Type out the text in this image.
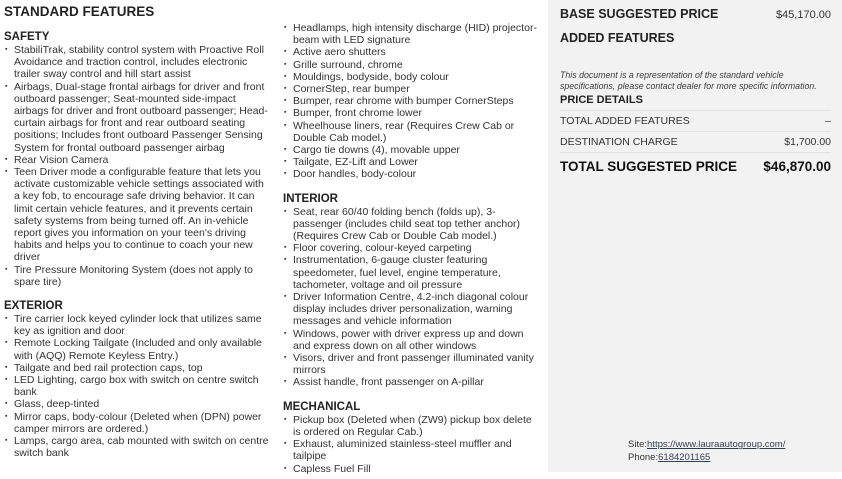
STANDARD FEATURES
SAFETY
▪ StabiliTrak, stability control system with Proactive Roll Avoidance and traction control, includes electronic trailer sway control and hill start assist
▪ Airbags, Dual-stage frontal airbags for driver and front outboard passenger; Seat-mounted side-impact airbags for driver and front outboard passenger; Head-curtain airbags for front and rear outboard seating positions; Includes front outboard Passenger Sensing System for frontal outboard passenger airbag
▪ Rear Vision Camera
▪ Teen Driver mode a configurable feature that lets you activate customizable vehicle settings associated with a key fob, to encourage safe driving behavior. It can limit certain vehicle features, and it prevents certain safety systems from being turned off. An in-vehicle report gives you information on your teen's driving habits and helps you to continue to coach your new driver
▪ Tire Pressure Monitoring System (does not apply to spare tire)
EXTERIOR
▪ Tire carrier lock keyed cylinder lock that utilizes same key as ignition and door
▪ Remote Locking Tailgate (Included and only available with (AQQ) Remote Keyless Entry.)
▪ Tailgate and bed rail protection caps, top
▪ LED Lighting, cargo box with switch on centre switch bank
▪ Glass, deep-tinted
▪ Mirror caps, body-colour (Deleted when (DPN) power camper mirrors are ordered.)
▪ Lamps, cargo area, cab mounted with switch on centre switch bank
▪ Headlamps, high intensity discharge (HID) projector-beam with LED signature
▪ Active aero shutters
▪ Grille surround, chrome
▪ Mouldings, bodyside, body colour
▪ CornerStep, rear bumper
▪ Bumper, rear chrome with bumper CornerSteps
▪ Bumper, front chrome lower
▪ Wheelhouse liners, rear (Requires Crew Cab or Double Cab model.)
▪ Cargo tie downs (4), movable upper
▪ Tailgate, EZ-Lift and Lower
▪ Door handles, body-colour
INTERIOR
▪ Seat, rear 60/40 folding bench (folds up), 3-passenger (includes child seat top tether anchor) (Requires Crew Cab or Double Cab model.)
▪ Floor covering, colour-keyed carpeting
▪ Instrumentation, 6-gauge cluster featuring speedometer, fuel level, engine temperature, tachometer, voltage and oil pressure
▪ Driver Information Centre, 4.2-inch diagonal colour display includes driver personalization, warning messages and vehicle information
▪ Windows, power with driver express up and down and express down on all other windows
▪ Visors, driver and front passenger illuminated vanity mirrors
▪ Assist handle, front passenger on A-pillar
MECHANICAL
▪ Pickup box (Deleted when (ZW9) pickup box delete is ordered on Regular Cab.)
▪ Exhaust, aluminized stainless-steel muffler and tailpipe
▪ Capless Fuel Fill
BASE SUGGESTED PRICE	$45,170.00
ADDED FEATURES
This document is a representation of the standard vehicle specifications, please contact dealer for more specific information.
PRICE DETAILS
TOTAL ADDED FEATURES	–
DESTINATION CHARGE	$1,700.00
TOTAL SUGGESTED PRICE $46,870.00
Site:https://www.lauraautogroup.com/
Phone:6184201165
